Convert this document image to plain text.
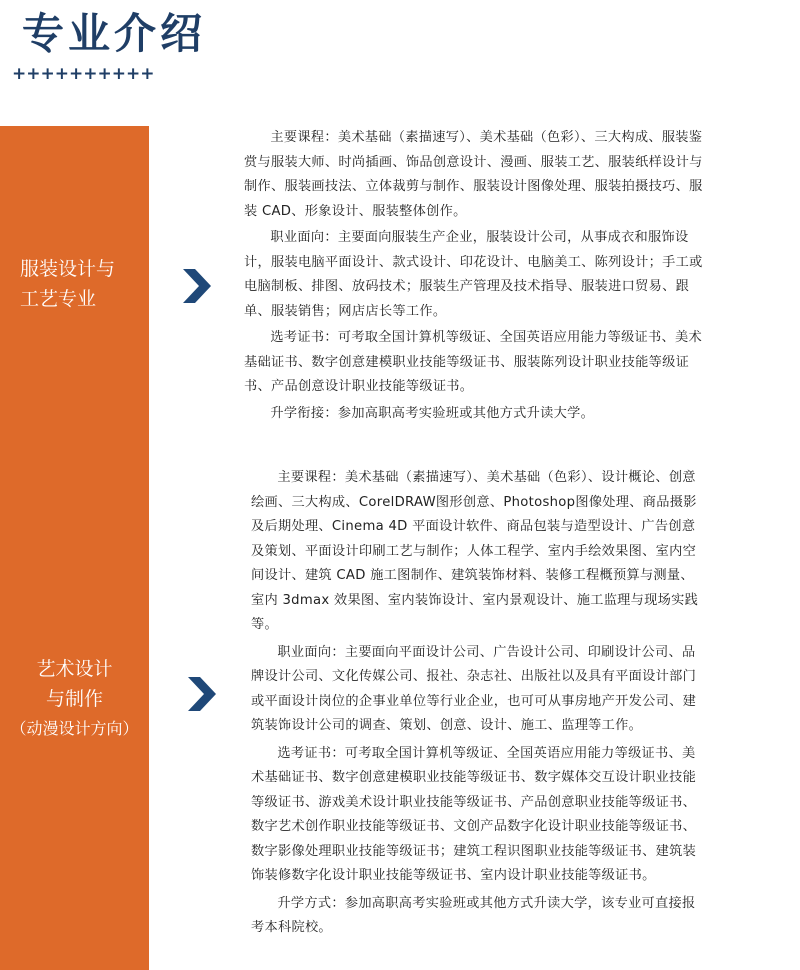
专业介绍
++++++++++
服装设计与
工艺专业

主要课程：美术基础（素描速写）、美术基础（色彩）、三大构成、服装鉴赏与服装大师、时尚插画、饰品创意设计、漫画、服装工艺、服装纸样设计与制作、服装画技法、立体裁剪与制作、服装设计图像处理、服装拍摄技巧、服装 CAD、形象设计、服装整体创作。

职业面向：主要面向服装生产企业，服装设计公司，从事成衣和服饰设计，服装电脑平面设计、款式设计、印花设计、电脑美工、陈列设计；手工或电脑制板、排图、放码技术；服装生产管理及技术指导、服装进口贸易、跟单、服装销售；网店店长等工作。

选考证书：可考取全国计算机等级证、全国英语应用能力等级证书、美术基础证书、数字创意建模职业技能等级证书、服装陈列设计职业技能等级证书、产品创意设计职业技能等级证书。

升学衔接：参加高职高考实验班或其他方式升读大学。

艺术设计
与制作
（动漫设计方向）

主要课程：美术基础（素描速写）、美术基础（色彩）、设计概论、创意绘画、三大构成、CorelDRAW图形创意、Photoshop图像处理、商品摄影及后期处理、Cinema 4D 平面设计软件、商品包装与造型设计、广告创意及策划、平面设计印刷工艺与制作；人体工程学、室内手绘效果图、室内空间设计、建筑 CAD 施工图制作、建筑装饰材料、装修工程概预算与测量、室内 3dmax 效果图、室内装饰设计、室内景观设计、施工监理与现场实践等。

职业面向：主要面向平面设计公司、广告设计公司、印刷设计公司、品牌设计公司、文化传媒公司、报社、杂志社、出版社以及具有平面设计部门或平面设计岗位的企事业单位等行业企业，也可可从事房地产开发公司、建筑装饰设计公司的调查、策划、创意、设计、施工、监理等工作。

选考证书：可考取全国计算机等级证、全国英语应用能力等级证书、美术基础证书、数字创意建模职业技能等级证书、数字媒体交互设计职业技能等级证书、游戏美术设计职业技能等级证书、产品创意职业技能等级证书、数字艺术创作职业技能等级证书、文创产品数字化设计职业技能等级证书、数字影像处理职业技能等级证书；建筑工程识图职业技能等级证书、建筑装饰装修数字化设计职业技能等级证书、室内设计职业技能等级证书。

升学方式：参加高职高考实验班或其他方式升读大学，该专业可直接报考本科院校。
